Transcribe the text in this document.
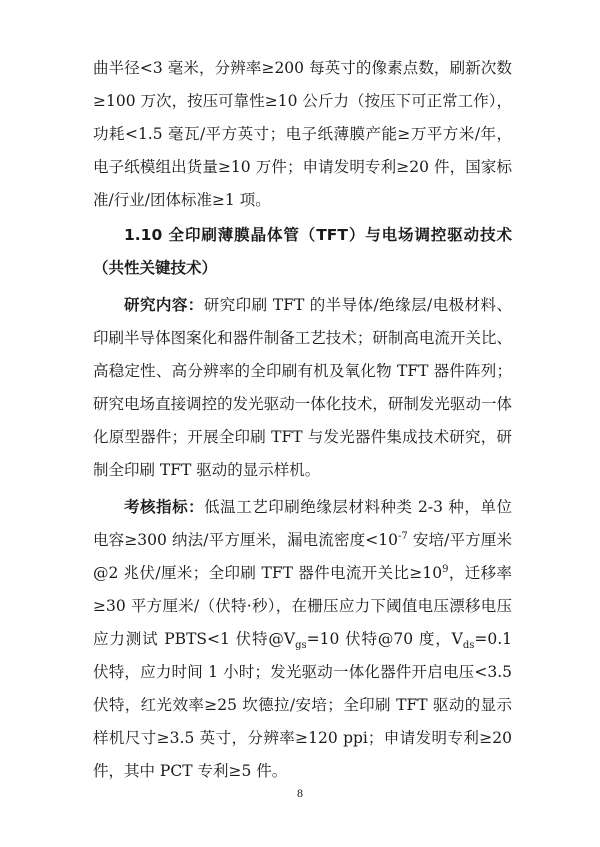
曲半径<3 毫米，分辨率≥200 每英寸的像素点数，刷新次数≥100 万次，按压可靠性≥10 公斤力（按压下可正常工作），功耗<1.5 毫瓦/平方英寸；电子纸薄膜产能≥万平方米/年，电子纸模组出货量≥10 万件；申请发明专利≥20 件，国家标准/行业/团体标准≥1 项。

1.10 全印刷薄膜晶体管（TFT）与电场调控驱动技术（共性关键技术）

研究内容：研究印刷 TFT 的半导体/绝缘层/电极材料、印刷半导体图案化和器件制备工艺技术；研制高电流开关比、高稳定性、高分辨率的全印刷有机及氧化物 TFT 器件阵列；研究电场直接调控的发光驱动一体化技术，研制发光驱动一体化原型器件；开展全印刷 TFT 与发光器件集成技术研究，研制全印刷 TFT 驱动的显示样机。

考核指标：低温工艺印刷绝缘层材料种类 2-3 种，单位电容≥300 纳法/平方厘米，漏电流密度$<10^{-7}$ 安培/平方厘米@2 兆伏/厘米；全印刷 TFT 器件电流开关比$\ge 10^9$，迁移率≥30 平方厘米/（伏特·秒），在栅压应力下阈值电压漂移电压应力测试 PBTS<1 伏特$@V_{gs}=10$ 伏特@70 度，$V_{ds}=0.1$ 伏特，应力时间 1 小时；发光驱动一体化器件开启电压<3.5 伏特，红光效率≥25 坎德拉/安培；全印刷 TFT 驱动的显示样机尺寸≥3.5 英寸，分辨率≥120 ppi；申请发明专利≥20 件，其中 PCT 专利≥5 件。

8
